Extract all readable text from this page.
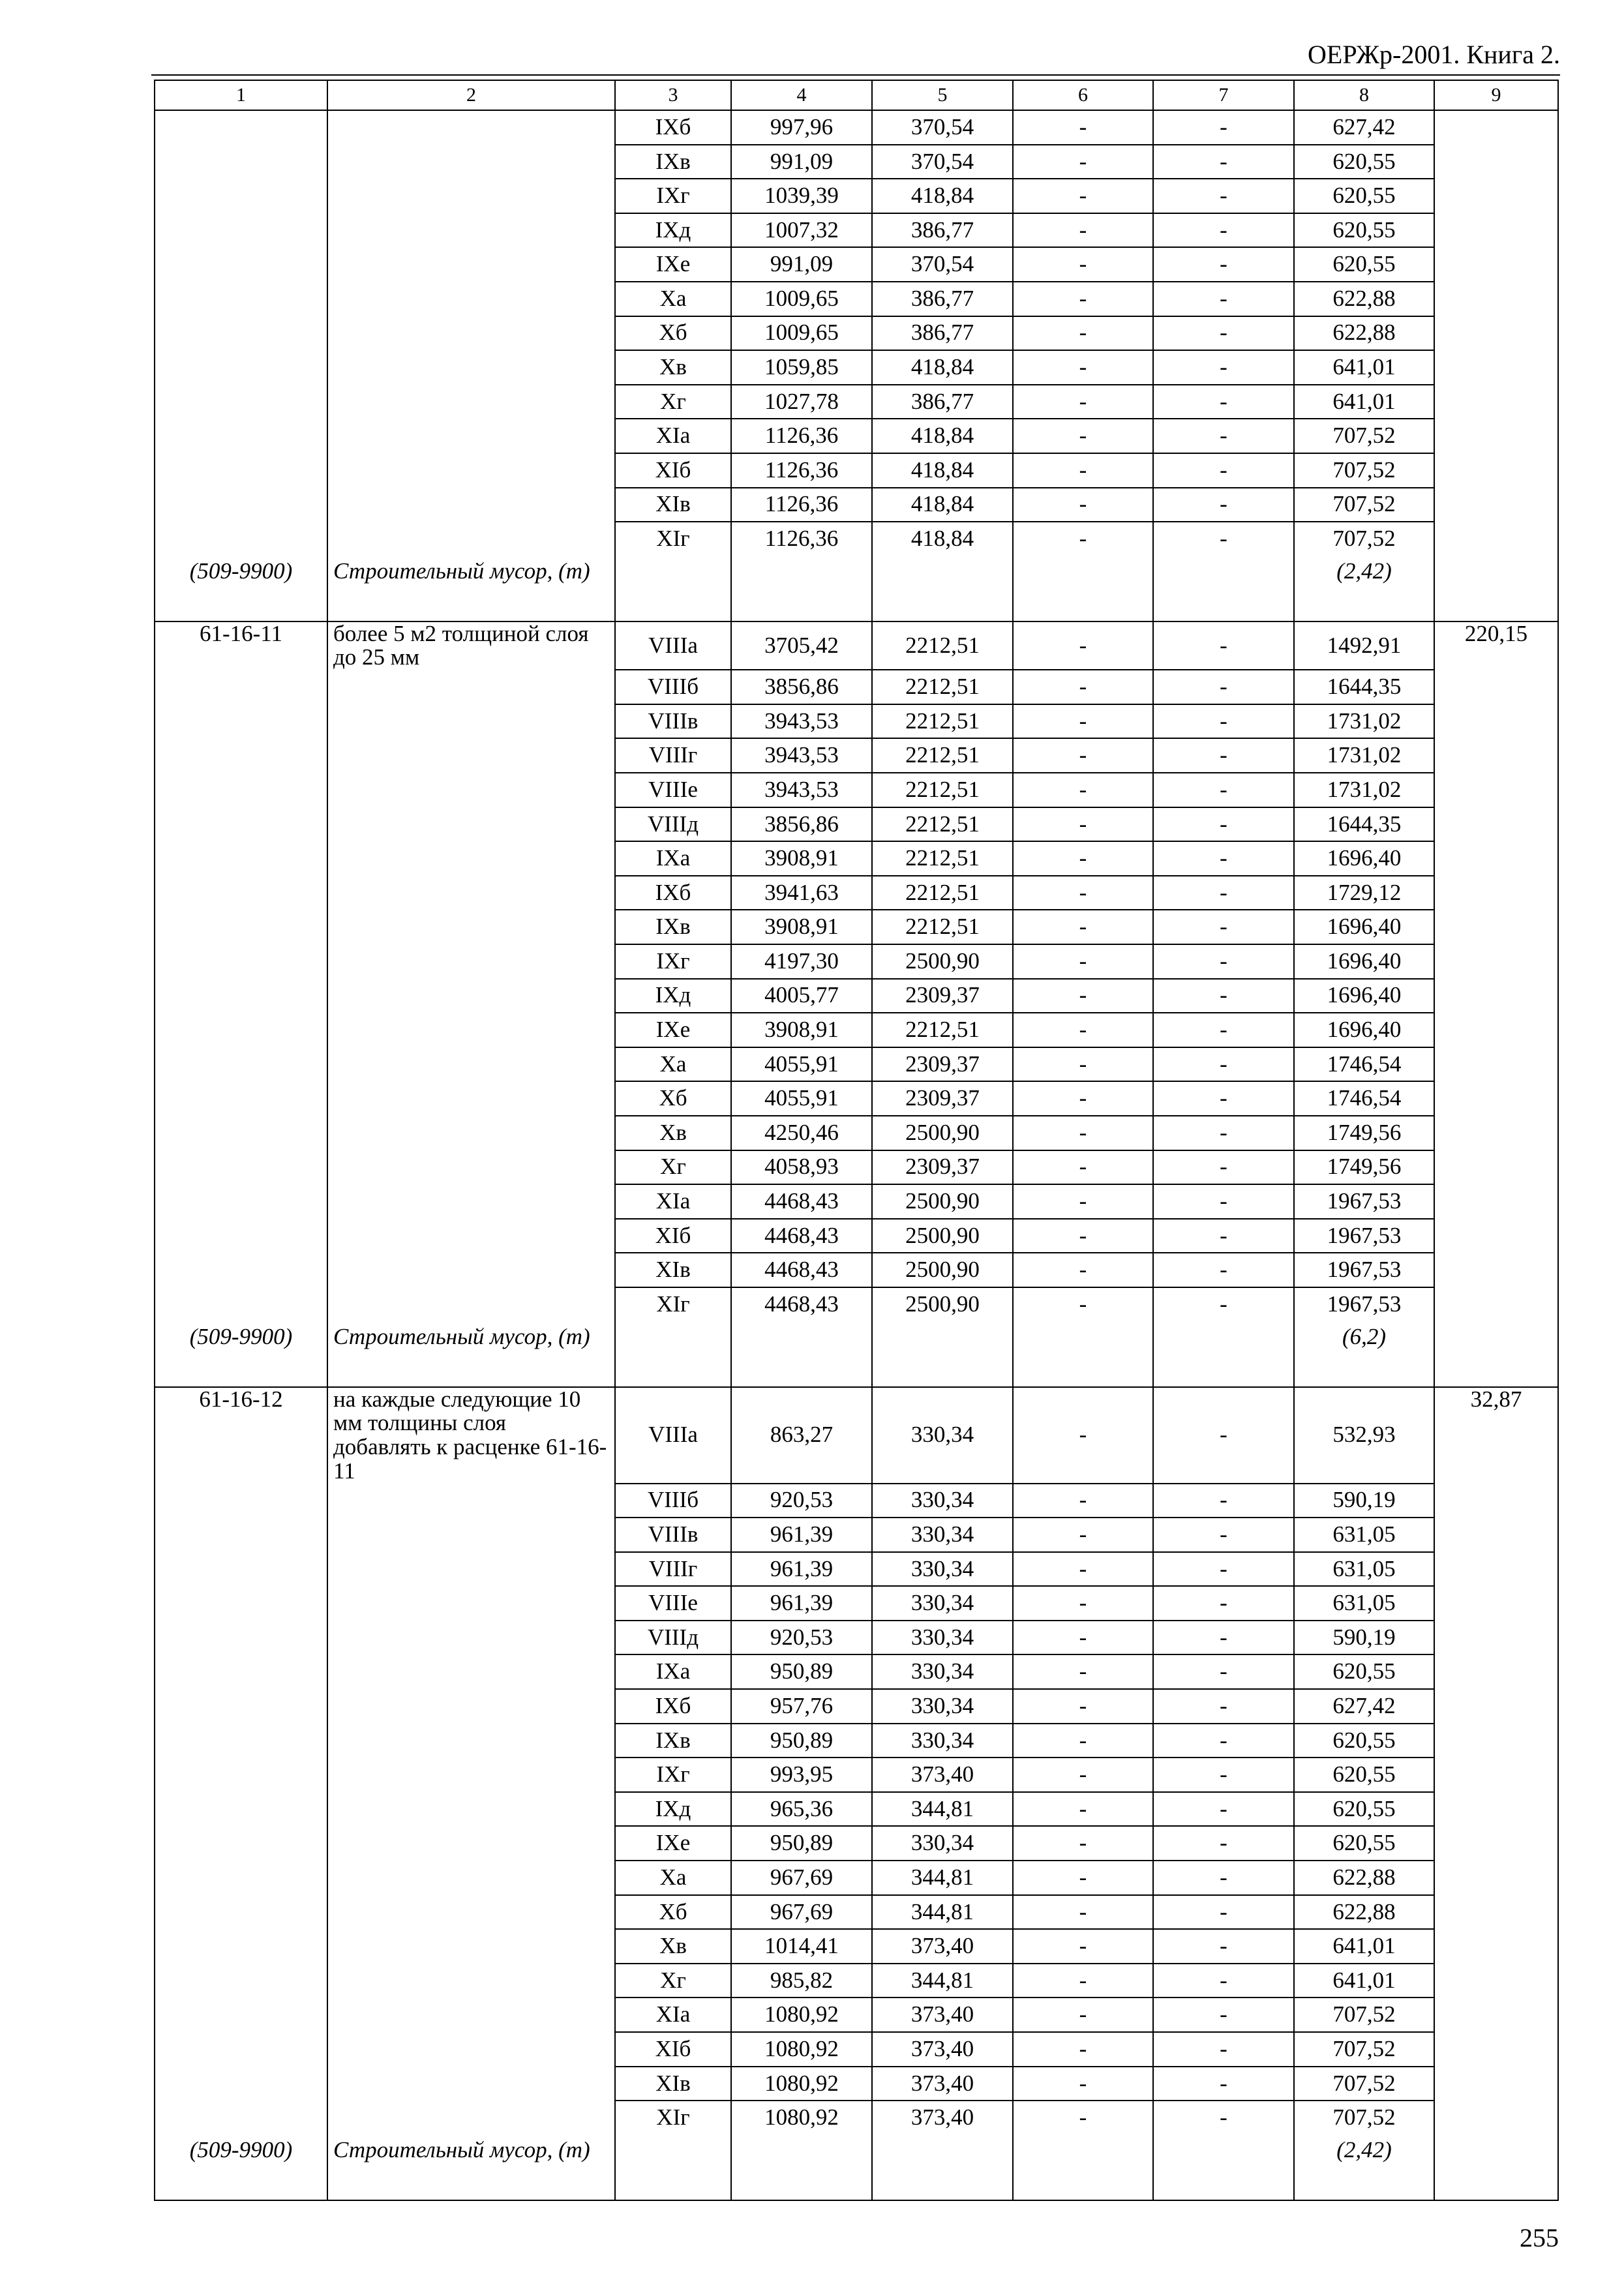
ОЕРЖр-2001. Книга 2.
1	2	3	4	5	6	7	8	9
		IXб	997,96	370,54	-	-	627,42	
		IXв	991,09	370,54	-	-	620,55	
		IXг	1039,39	418,84	-	-	620,55	
		IXд	1007,32	386,77	-	-	620,55	
		IXе	991,09	370,54	-	-	620,55	
		Xа	1009,65	386,77	-	-	622,88	
		Xб	1009,65	386,77	-	-	622,88	
		Xв	1059,85	418,84	-	-	641,01	
		Xг	1027,78	386,77	-	-	641,01	
		XIа	1126,36	418,84	-	-	707,52	
		XIб	1126,36	418,84	-	-	707,52	
		XIв	1126,36	418,84	-	-	707,52	
		XIг	1126,36	418,84	-	-	707,52	
(509-9900)	Строительный мусор, (т)						(2,42)	
61-16-11	более 5 м2 толщиной слоя до 25 мм	VIIIа	3705,42	2212,51	-	-	1492,91	220,15
		VIIIб	3856,86	2212,51	-	-	1644,35	
		VIIIв	3943,53	2212,51	-	-	1731,02	
		VIIIг	3943,53	2212,51	-	-	1731,02	
		VIIIе	3943,53	2212,51	-	-	1731,02	
		VIIIд	3856,86	2212,51	-	-	1644,35	
		IXа	3908,91	2212,51	-	-	1696,40	
		IXб	3941,63	2212,51	-	-	1729,12	
		IXв	3908,91	2212,51	-	-	1696,40	
		IXг	4197,30	2500,90	-	-	1696,40	
		IXд	4005,77	2309,37	-	-	1696,40	
		IXе	3908,91	2212,51	-	-	1696,40	
		Xа	4055,91	2309,37	-	-	1746,54	
		Xб	4055,91	2309,37	-	-	1746,54	
		Xв	4250,46	2500,90	-	-	1749,56	
		Xг	4058,93	2309,37	-	-	1749,56	
		XIа	4468,43	2500,90	-	-	1967,53	
		XIб	4468,43	2500,90	-	-	1967,53	
		XIв	4468,43	2500,90	-	-	1967,53	
		XIг	4468,43	2500,90	-	-	1967,53	
(509-9900)	Строительный мусор, (т)						(6,2)	
61-16-12	на каждые следующие 10 мм толщины слоя добавлять к расценке 61-16-11	VIIIа	863,27	330,34	-	-	532,93	32,87
		VIIIб	920,53	330,34	-	-	590,19	
		VIIIв	961,39	330,34	-	-	631,05	
		VIIIг	961,39	330,34	-	-	631,05	
		VIIIе	961,39	330,34	-	-	631,05	
		VIIIд	920,53	330,34	-	-	590,19	
		IXа	950,89	330,34	-	-	620,55	
		IXб	957,76	330,34	-	-	627,42	
		IXв	950,89	330,34	-	-	620,55	
		IXг	993,95	373,40	-	-	620,55	
		IXд	965,36	344,81	-	-	620,55	
		IXе	950,89	330,34	-	-	620,55	
		Xа	967,69	344,81	-	-	622,88	
		Xб	967,69	344,81	-	-	622,88	
		Xв	1014,41	373,40	-	-	641,01	
		Xг	985,82	344,81	-	-	641,01	
		XIа	1080,92	373,40	-	-	707,52	
		XIб	1080,92	373,40	-	-	707,52	
		XIв	1080,92	373,40	-	-	707,52	
		XIг	1080,92	373,40	-	-	707,52	
(509-9900)	Строительный мусор, (т)						(2,42)	
255
